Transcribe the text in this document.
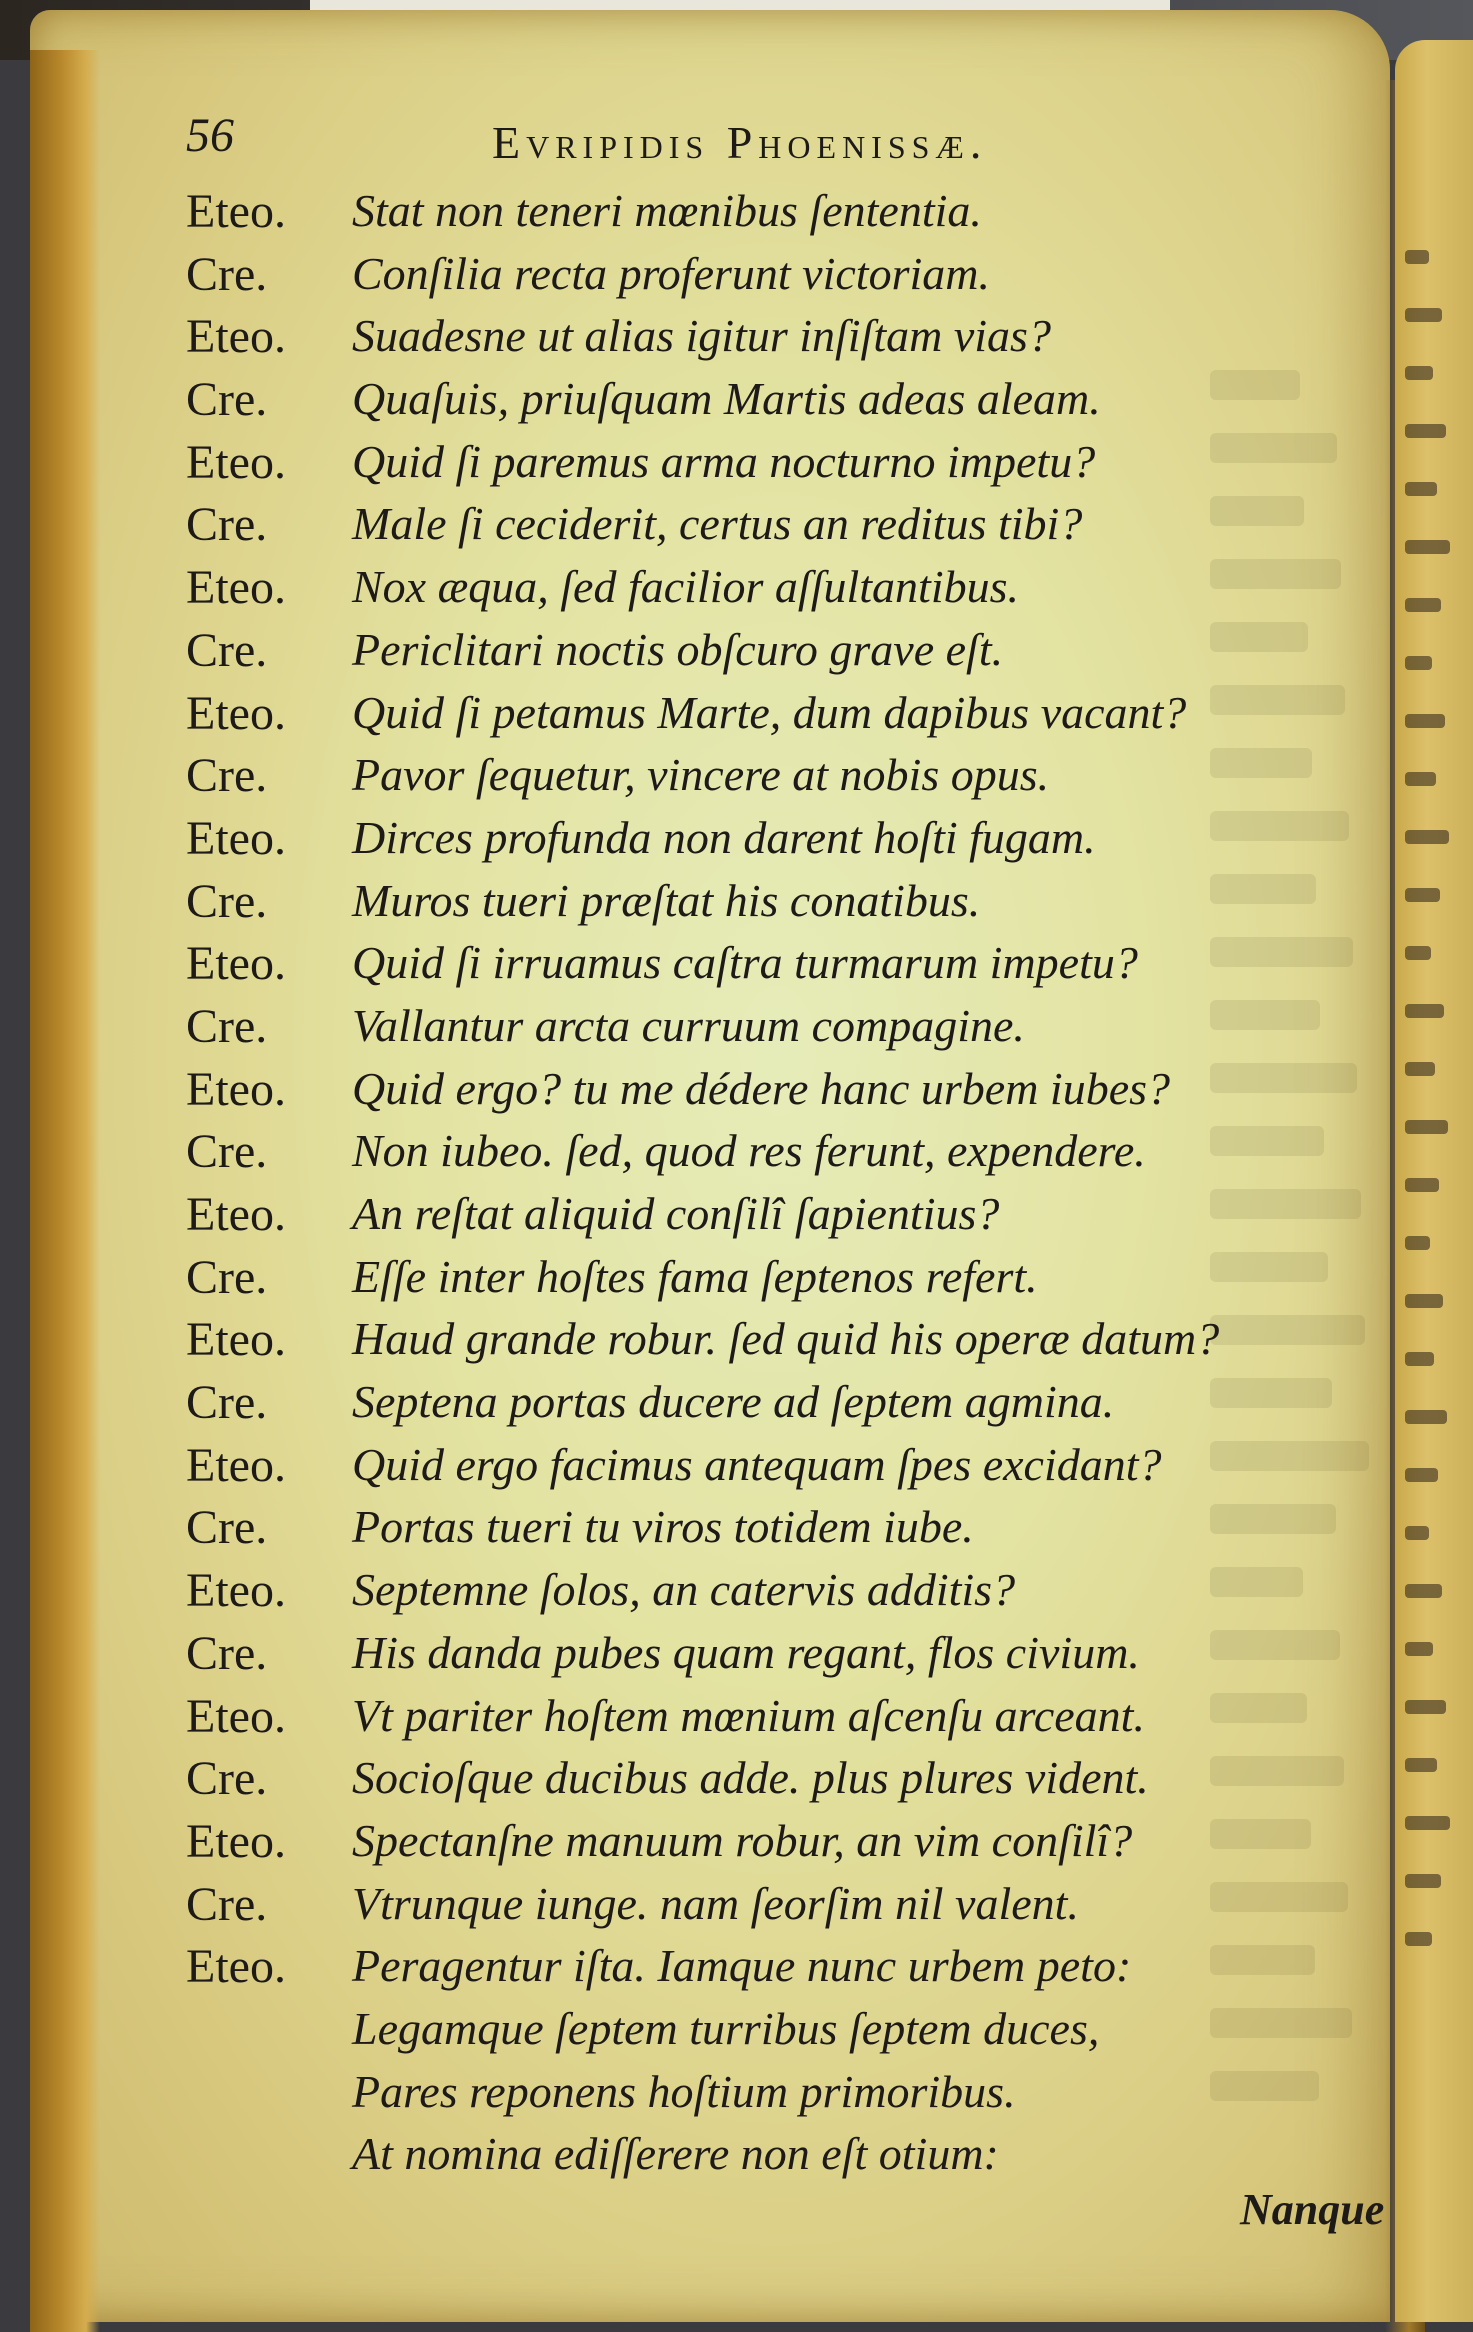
56	Evripidis Phoenissæ.
Eteo. Stat non teneri mœnibus ſententia.
Cre. Conſilia recta proferunt victoriam.
Eteo. Suadesne ut alias igitur inſiſtam vias?
Cre. Quaſuis, priuſquam Martis adeas aleam.
Eteo. Quid ſi paremus arma nocturno impetu?
Cre. Male ſi ceciderit, certus an reditus tibi?
Eteo. Nox æqua, ſed facilior aſſultantibus.
Cre. Periclitari noctis obſcuro grave eſt.
Eteo. Quid ſi petamus Marte, dum dapibus vacant?
Cre. Pavor ſequetur, vincere at nobis opus.
Eteo. Dirces profunda non darent hoſti fugam.
Cre. Muros tueri præſtat his conatibus.
Eteo. Quid ſi irruamus caſtra turmarum impetu?
Cre. Vallantur arcta curruum compagine.
Eteo. Quid ergo? tu me dédere hanc urbem iubes?
Cre. Non iubeo. ſed, quod res ferunt, expendere.
Eteo. An reſtat aliquid conſilî ſapientius?
Cre. Eſſe inter hoſtes fama ſeptenos refert.
Eteo. Haud grande robur. ſed quid his operæ datum?
Cre. Septena portas ducere ad ſeptem agmina.
Eteo. Quid ergo facimus antequam ſpes excidant?
Cre. Portas tueri tu viros totidem iube.
Eteo. Septemne ſolos, an catervis additis?
Cre. His danda pubes quam regant, flos civium.
Eteo. Vt pariter hoſtem mœnium aſcenſu arceant.
Cre. Socioſque ducibus adde. plus plures vident.
Eteo. Spectanſne manuum robur, an vim conſilî?
Cre. Vtrunque iunge. nam ſeorſim nil valent.
Eteo. Peragentur iſta. Iamque nunc urbem peto:
Legamque ſeptem turribus ſeptem duces,
Pares reponens hoſtium primoribus.
At nomina ediſſerere non eſt otium:
Nanque
